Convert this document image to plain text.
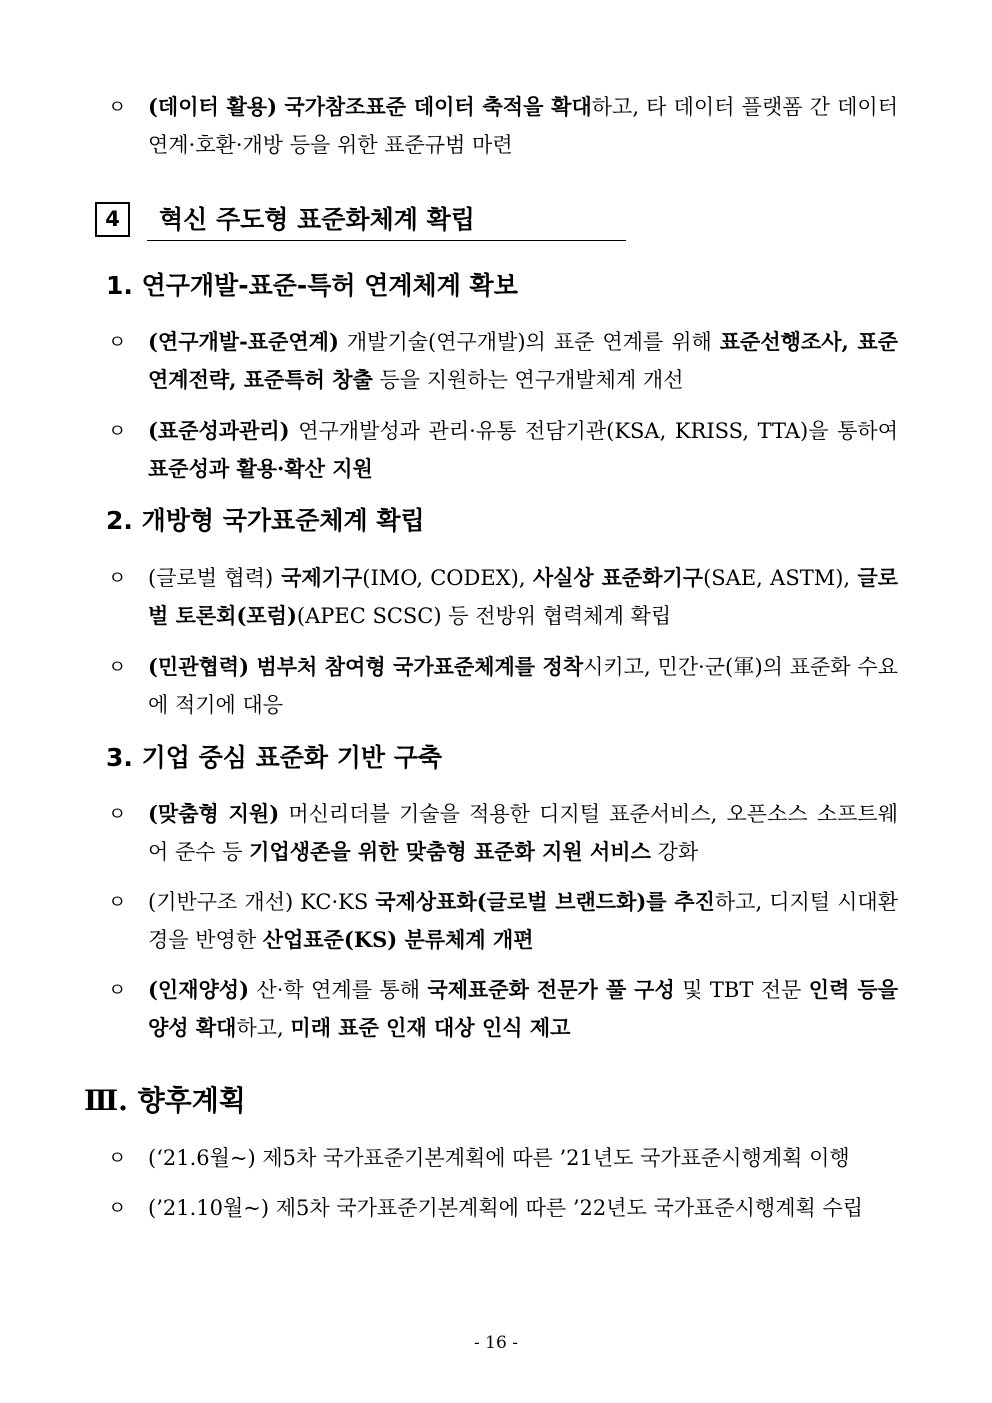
ㅇ	(데이터 활용) 국가참조표준 데이터 축적을 확대하고, 타 데이터 플랫폼 간 데이터 연계·호환·개방 등을 위한 표준규범 마련
4	혁신 주도형 표준화체계 확립
1. 연구개발-표준-특허 연계체계 확보
ㅇ	(연구개발-표준연계) 개발기술(연구개발)의 표준 연계를 위해 표준선행조사, 표준연계전략, 표준특허 창출 등을 지원하는 연구개발체계 개선
ㅇ	(표준성과관리) 연구개발성과 관리·유통 전담기관(KSA, KRISS, TTA)을 통하여 표준성과 활용·확산 지원
2. 개방형 국가표준체계 확립
ㅇ	(글로벌 협력) 국제기구(IMO, CODEX), 사실상 표준화기구(SAE, ASTM), 글로벌 토론회(포럼)(APEC SCSC) 등 전방위 협력체계 확립
ㅇ	(민관협력) 범부처 참여형 국가표준체계를 정착시키고, 민간·군(軍)의 표준화 수요에 적기에 대응
3. 기업 중심 표준화 기반 구축
ㅇ	(맞춤형 지원) 머신리더블 기술을 적용한 디지털 표준서비스, 오픈소스 소프트웨어 준수 등 기업생존을 위한 맞춤형 표준화 지원 서비스 강화
ㅇ	(기반구조 개선) KC·KS 국제상표화(글로벌 브랜드화)를 추진하고, 디지털 시대환경을 반영한 산업표준(KS) 분류체계 개편
ㅇ	(인재양성) 산·학 연계를 통해 국제표준화 전문가 풀 구성 및 TBT 전문 인력 등을 양성 확대하고, 미래 표준 인재 대상 인식 제고
Ⅲ. 향후계획
ㅇ	(‘21.6월~) 제5차 국가표준기본계획에 따른 ’21년도 국가표준시행계획 이행
ㅇ	(’21.10월~) 제5차 국가표준기본계획에 따른 ’22년도 국가표준시행계획 수립
- 16 -
